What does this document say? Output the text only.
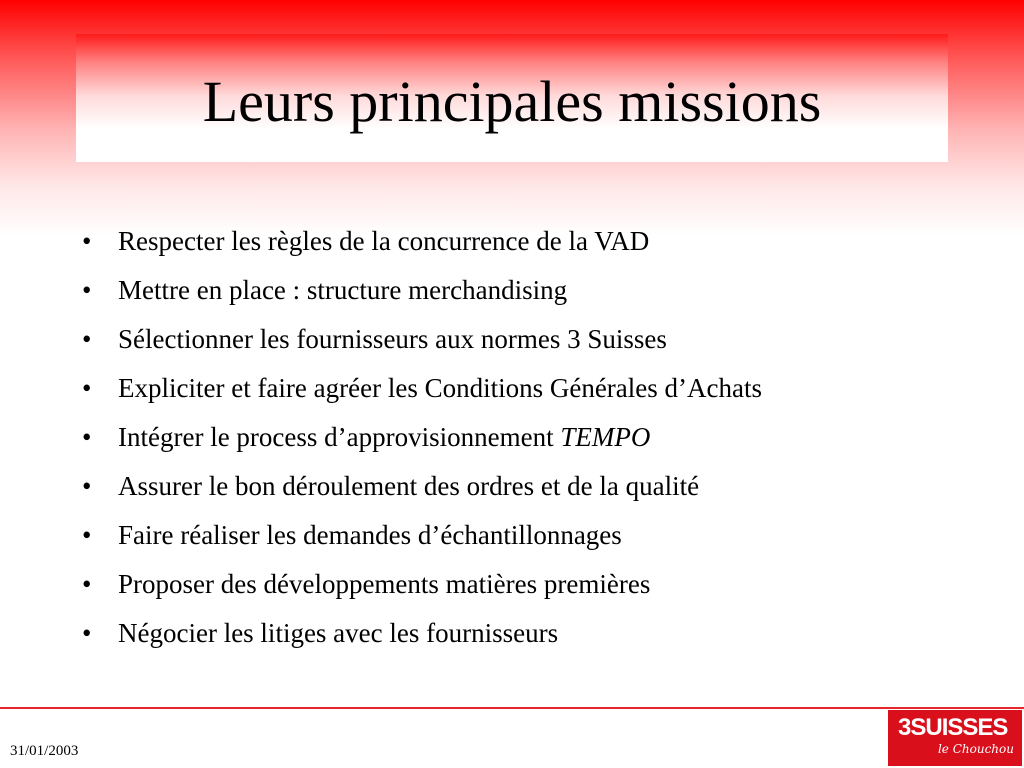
Leurs principales missions
• Respecter les règles de la concurrence de la VAD
• Mettre en place : structure merchandising
• Sélectionner les fournisseurs aux normes 3 Suisses
• Expliciter et faire agréer les Conditions Générales d’Achats
• Intégrer le process d’approvisionnement TEMPO
• Assurer le bon déroulement des ordres et de la qualité
• Faire réaliser les demandes d’échantillonnages
• Proposer des développements matières premières
• Négocier les litiges avec les fournisseurs
31/01/2003
3SUISSES
le Chouchou
